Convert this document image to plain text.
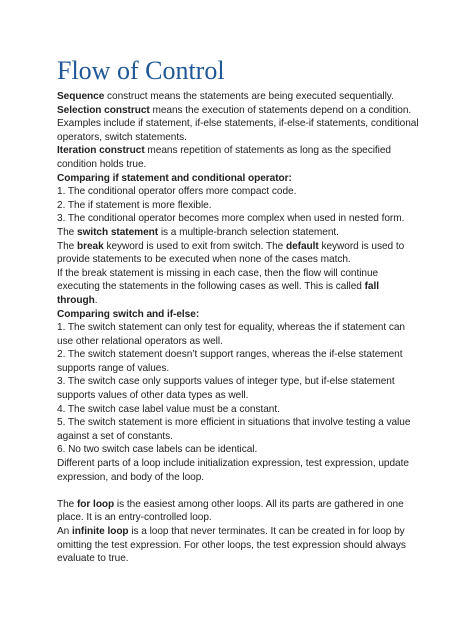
Flow of Control

Sequence construct means the statements are being executed sequentially.

Selection construct means the execution of statements depend on a condition. Examples include if statement, if-else statements, if-else-if statements, conditional operators, switch statements.

Iteration construct means repetition of statements as long as the specified condition holds true.

Comparing if statement and conditional operator:

1. The conditional operator offers more compact code.

2. The if statement is more flexible.

3. The conditional operator becomes more complex when used in nested form.

The switch statement is a multiple-branch selection statement.

The break keyword is used to exit from switch. The default keyword is used to provide statements to be executed when none of the cases match.

If the break statement is missing in each case, then the flow will continue executing the statements in the following cases as well. This is called fall through.

Comparing switch and if-else:

1. The switch statement can only test for equality, whereas the if statement can use other relational operators as well.

2. The switch statement doesn’t support ranges, whereas the if-else statement supports range of values.

3. The switch case only supports values of integer type, but if-else statement supports values of other data types as well.

4. The switch case label value must be a constant.

5. The switch statement is more efficient in situations that involve testing a value against a set of constants.

6. No two switch case labels can be identical.

Different parts of a loop include initialization expression, test expression, update expression, and body of the loop.

The for loop is the easiest among other loops. All its parts are gathered in one place. It is an entry-controlled loop.

An infinite loop is a loop that never terminates. It can be created in for loop by omitting the test expression. For other loops, the test expression should always evaluate to true.
